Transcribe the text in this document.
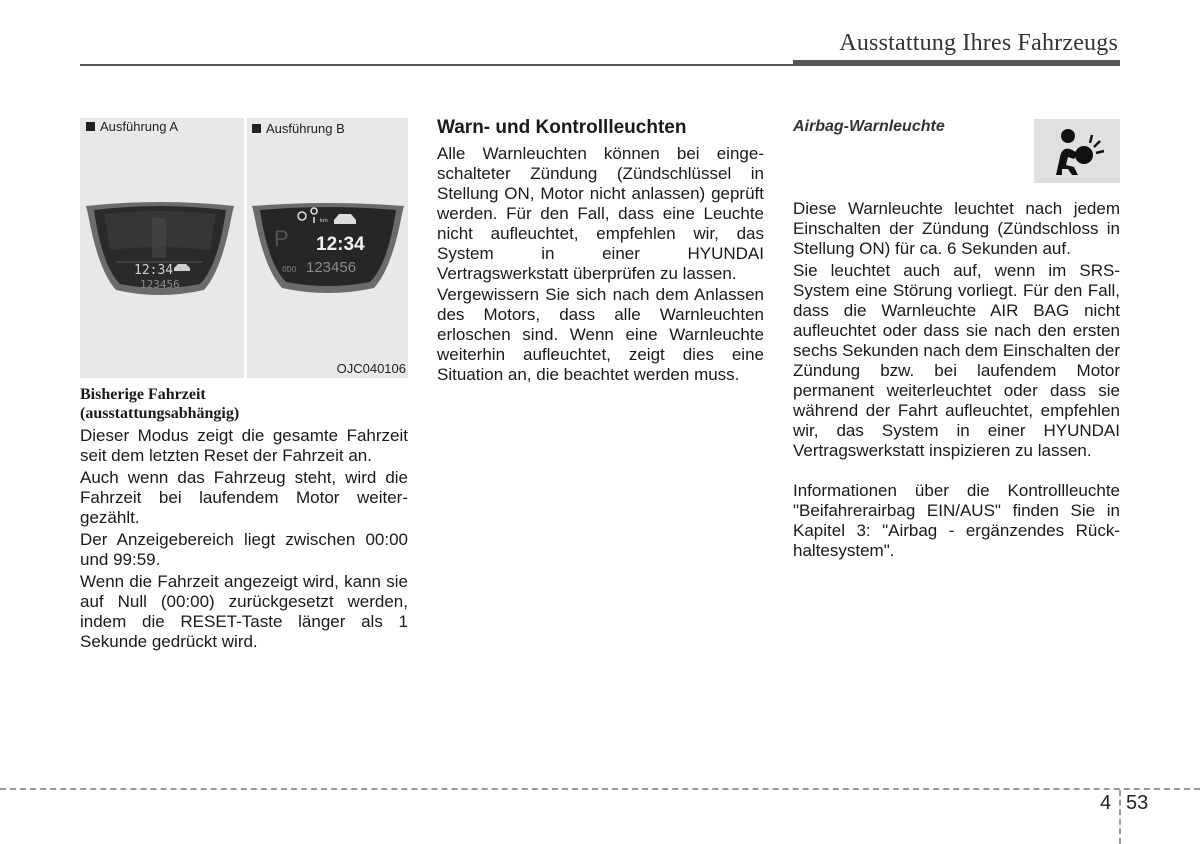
Ausstattung Ihres Fahrzeugs
Ausführung A	Ausführung B
12:34
123456
P
km
12:34
ODO 123456
OJC040106
Bisherige Fahrzeit
(ausstattungsabhängig)
Dieser Modus zeigt die gesamte Fahrzeit seit dem letzten Reset der Fahrzeit an.
Auch wenn das Fahrzeug steht, wird die Fahrzeit bei laufendem Motor weitergezählt.
Der Anzeigebereich liegt zwischen 00:00 und 99:59.
Wenn die Fahrzeit angezeigt wird, kann sie auf Null (00:00) zurückgesetzt werden, indem die RESET-Taste länger als 1 Sekunde gedrückt wird.
Warn- und Kontrollleuchten
Alle Warnleuchten können bei eingeschalteter Zündung (Zündschlüssel in Stellung ON, Motor nicht anlassen) geprüft werden. Für den Fall, dass eine Leuchte nicht aufleuchtet, empfehlen wir, das System in einer HYUNDAI Vertragswerkstatt überprüfen zu lassen.
Vergewissern Sie sich nach dem Anlassen des Motors, dass alle Warnleuchten erloschen sind. Wenn eine Warnleuchte weiterhin aufleuchtet, zeigt dies eine Situation an, die beachtet werden muss.
Airbag-Warnleuchte
Diese Warnleuchte leuchtet nach jedem Einschalten der Zündung (Zündschloss in Stellung ON) für ca. 6 Sekunden auf.
Sie leuchtet auch auf, wenn im SRS-System eine Störung vorliegt. Für den Fall, dass die Warnleuchte AIR BAG nicht aufleuchtet oder dass sie nach den ersten sechs Sekunden nach dem Einschalten der Zündung bzw. bei laufendem Motor permanent weiterleuchtet oder dass sie während der Fahrt aufleuchtet, empfehlen wir, das System in einer HYUNDAI Vertragswerkstatt inspizieren zu lassen.
Informationen über die Kontrollleuchte "Beifahrerairbag EIN/AUS" finden Sie in Kapitel 3: "Airbag - ergänzendes Rückhaltesystem".
4 53
